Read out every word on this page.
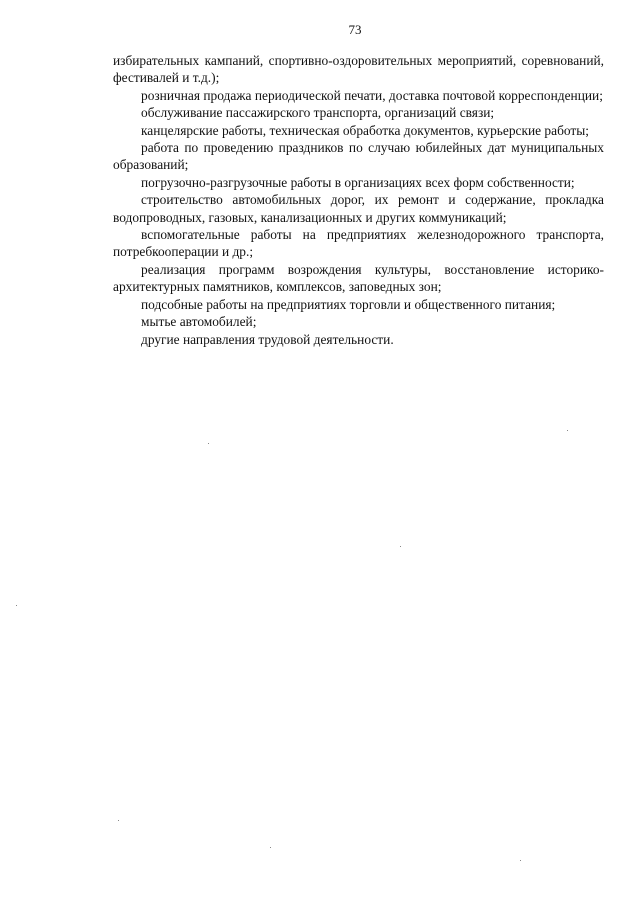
73

избирательных кампаний, спортивно-оздоровительных мероприятий, соревнований, фестивалей и т.д.);

розничная продажа периодической печати, доставка почтовой корреспонденции;

обслуживание пассажирского транспорта, организаций связи;

канцелярские работы, техническая обработка документов, курьерские работы;

работа по проведению праздников по случаю юбилейных дат муниципальных образований;

погрузочно-разгрузочные работы в организациях всех форм собственности;

строительство автомобильных дорог, их ремонт и содержание, прокладка водопроводных, газовых, канализационных и других коммуникаций;

вспомогательные работы на предприятиях железнодорожного транспорта, потребкооперации и др.;

реализация программ возрождения культуры, восстановление историко-архитектурных памятников, комплексов, заповедных зон;

подсобные работы на предприятиях торговли и общественного питания;

мытье автомобилей;

другие направления трудовой деятельности.
